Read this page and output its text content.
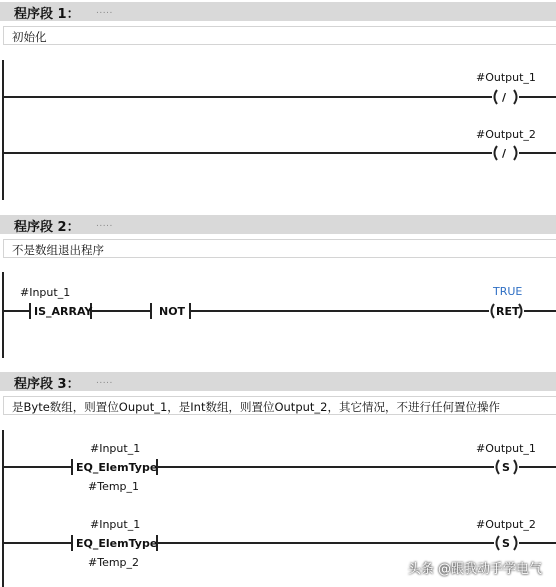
程序段 1： .....
初始化
#Output_1
/
#Output_2
/
#Input_1
IS_ARRAY	NOT
TRUE
RET
#Input_1
EQ_ElemType
#Temp_1
#Output_1
S
#Input_1
EQ_ElemType
#Temp_2
#Output_2
S
程序段 2： .....
不是数组退出程序
程序段 3： .....
是Byte数组，则置位Ouput_1，是Int数组，则置位Output_2，其它情况，不进行任何置位操作
头条 @跟我动手学电气
